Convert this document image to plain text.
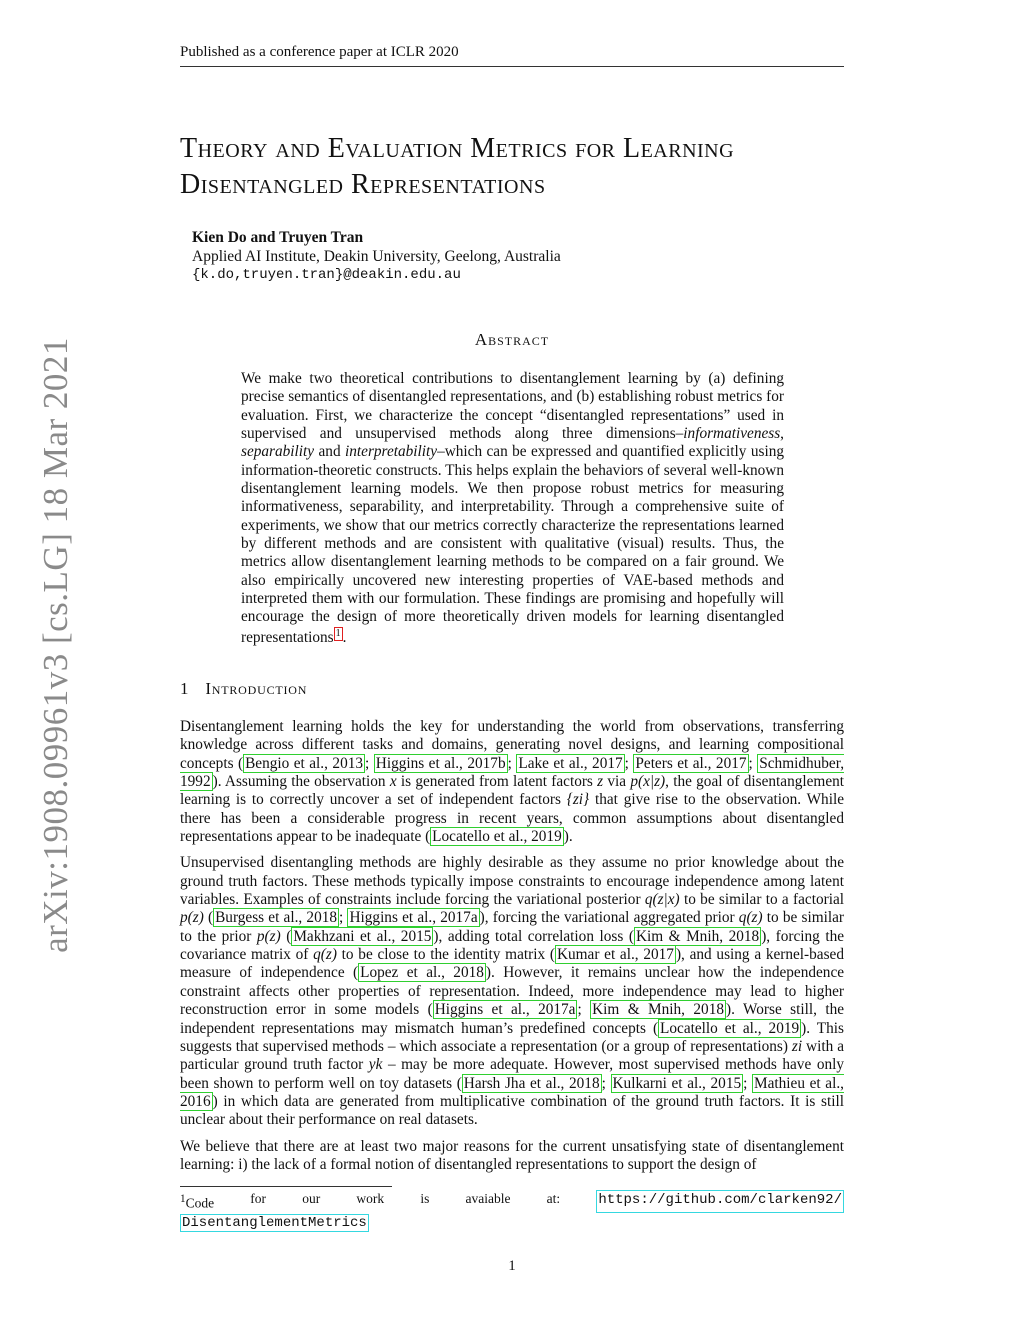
arXiv:1908.09961v3 [cs.LG] 18 Mar 2021
Published as a conference paper at ICLR 2020
Theory and Evaluation Metrics for Learning
Disentangled Representations
Kien Do and Truyen Tran
Applied AI Institute, Deakin University, Geelong, Australia
{k.do,truyen.tran}@deakin.edu.au
Abstract

We make two theoretical contributions to disentanglement learning by (a) defining precise semantics of disentangled representations, and (b) establishing robust metrics for evaluation. First, we characterize the concept “disentangled representations” used in supervised and unsupervised methods along three dimensions–informativeness, separability and interpretability–which can be expressed and quantified explicitly using information-theoretic constructs. This helps explain the behaviors of several well-known disentanglement learning models. We then propose robust metrics for measuring informativeness, separability, and interpretability. Through a comprehensive suite of experiments, we show that our metrics correctly characterize the representations learned by different methods and are consistent with qualitative (visual) results. Thus, the metrics allow disentanglement learning methods to be compared on a fair ground. We also empirically uncovered new interesting properties of VAE-based methods and interpreted them with our formulation. These findings are promising and hopefully will encourage the design of more theoretically driven models for learning disentangled representations 1 .

1 Introduction

Disentanglement learning holds the key for understanding the world from observations, transferring knowledge across different tasks and domains, generating novel designs, and learning compositional concepts ( Bengio et al., 2013 ; Higgins et al., 2017b ; Lake et al., 2017 ; Peters et al., 2017 ; Schmidhuber, 1992 ). Assuming the observation x is generated from latent factors z via p(x|z), the goal of disentanglement learning is to correctly uncover a set of independent factors {zi} that give rise to the observation. While there has been a considerable progress in recent years, common assumptions about disentangled representations appear to be inadequate ( Locatello et al., 2019 ).

Unsupervised disentangling methods are highly desirable as they assume no prior knowledge about the ground truth factors. These methods typically impose constraints to encourage independence among latent variables. Examples of constraints include forcing the variational posterior q(z|x) to be similar to a factorial p(z) ( Burgess et al., 2018 ; Higgins et al., 2017a ), forcing the variational aggregated prior q(z) to be similar to the prior p(z) ( Makhzani et al., 2015 ), adding total correlation loss ( Kim & Mnih, 2018 ), forcing the covariance matrix of q(z) to be close to the identity matrix ( Kumar et al., 2017 ), and using a kernel-based measure of independence ( Lopez et al., 2018 ). However, it remains unclear how the independence constraint affects other properties of representation. Indeed, more independence may lead to higher reconstruction error in some models ( Higgins et al., 2017a ; Kim & Mnih, 2018 ). Worse still, the independent representations may mismatch human’s predefined concepts ( Locatello et al., 2019 ). This suggests that supervised methods – which associate a representation (or a group of representations) zi with a particular ground truth factor yk – may be more adequate. However, most supervised methods have only been shown to perform well on toy datasets ( Harsh Jha et al., 2018 ; Kulkarni et al., 2015 ; Mathieu et al., 2016 ) in which data are generated from multiplicative combination of the ground truth factors. It is still unclear about their performance on real datasets.

We believe that there are at least two major reasons for the current unsatisfying state of disentanglement learning: i) the lack of a formal notion of disentangled representations to support the design of

$^1$Code	for	our	work	is	avaiable	at:	https://github.com/clarken92/
DisentanglementMetrics
1
